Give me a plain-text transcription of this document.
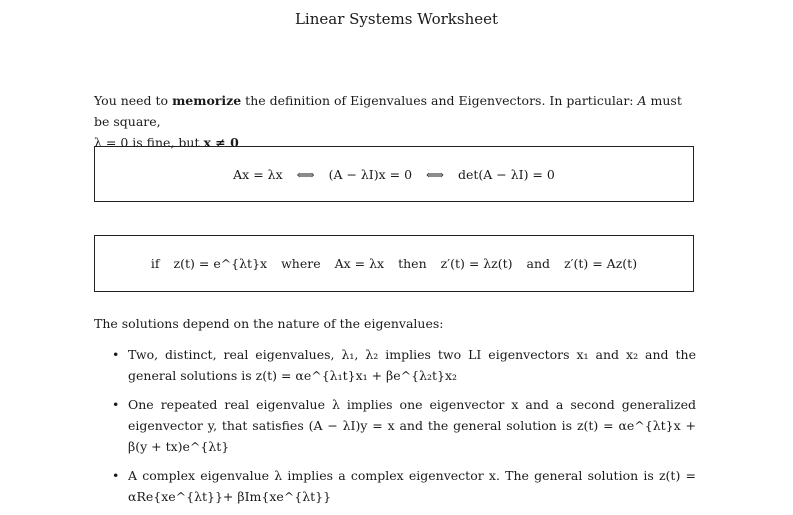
Linear Systems Worksheet
You need to memorize the definition of Eigenvalues and Eigenvectors. In particular: A must be square,
λ = 0 is fine, but x ≠ 0
Ax = λx ⟺ (A − λI)x = 0 ⟺ det(A − λI) = 0
if z(t) = e^{λt}x where Ax = λx then z′(t) = λz(t) and z′(t) = Az(t)
The solutions depend on the nature of the eigenvalues:
• Two, distinct, real eigenvalues, λ₁, λ₂ implies two LI eigenvectors x₁ and x₂ and the general solutions is z(t) = αe^{λ₁t}x₁ + βe^{λ₂t}x₂
• One repeated real eigenvalue λ implies one eigenvector x and a second generalized eigenvector y, that satisfies (A − λI)y = x and the general solution is z(t) = αe^{λt}x + β(y + tx)e^{λt}
• A complex eigenvalue λ implies a complex eigenvector x. The general solution is z(t) = αRe{xe^{λt}}+ βIm{xe^{λt}}
